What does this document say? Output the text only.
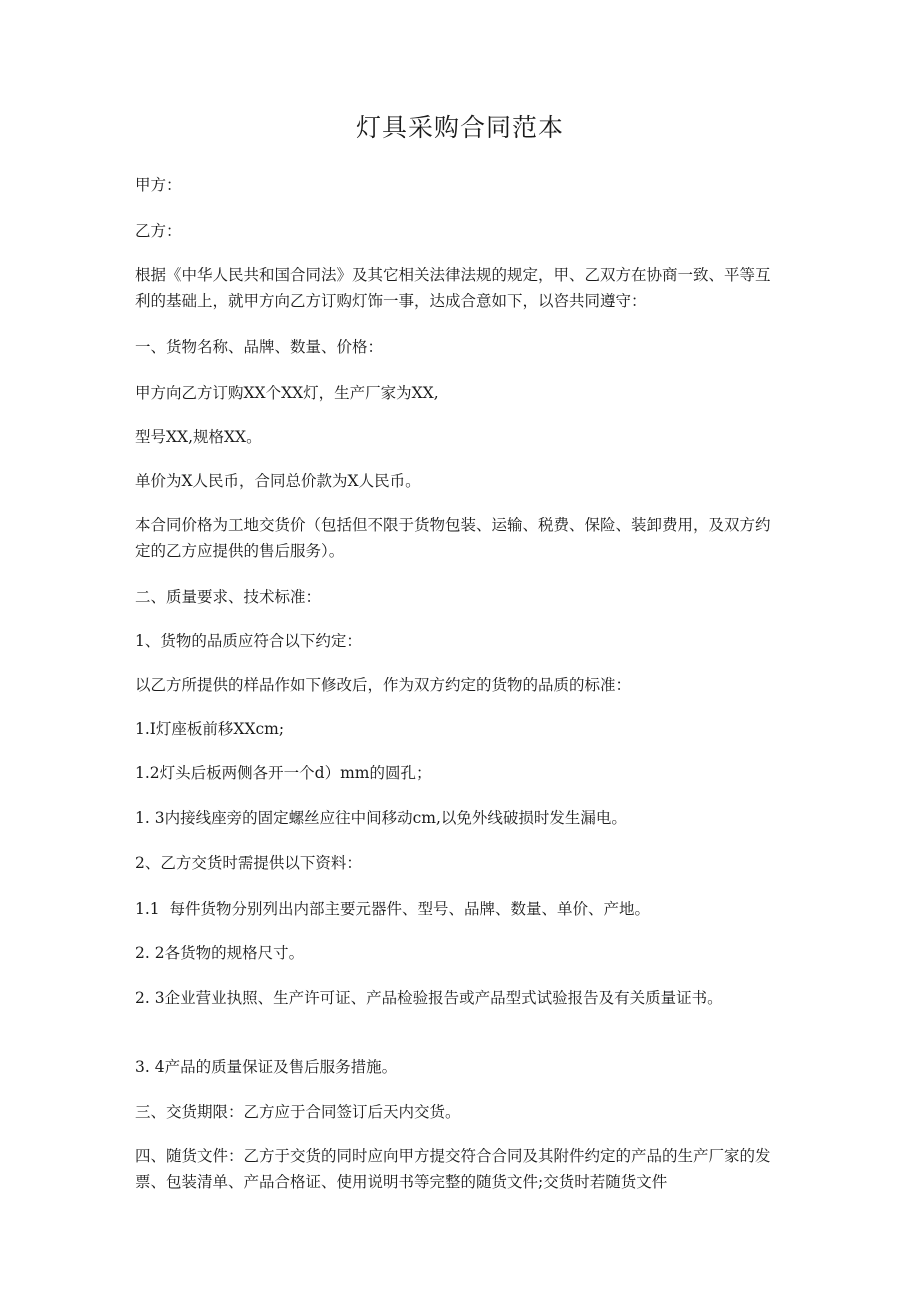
灯具采购合同范本

甲方：

乙方：

根据《中华人民共和国合同法》及其它相关法律法规的规定，甲、乙双方在协商一致、平等互利的基础上，就甲方向乙方订购灯饰一事，达成合意如下，以咨共同遵守：

一、货物名称、品牌、数量、价格：

甲方向乙方订购XX个XX灯，生产厂家为XX,

型号XX,规格XX。

单价为X人民币，合同总价款为X人民币。

本合同价格为工地交货价（包括但不限于货物包装、运输、税费、保险、装卸费用，及双方约定的乙方应提供的售后服务）。

二、质量要求、技术标准：

1、货物的品质应符合以下约定：

以乙方所提供的样品作如下修改后，作为双方约定的货物的品质的标准：

1.I灯座板前移XXcm;

1.2灯头后板两侧各开一个d）mm的圆孔；

1. 3内接线座旁的固定螺丝应往中间移动cm,以免外线破损时发生漏电。

2、乙方交货时需提供以下资料：

1.1  每件货物分别列出内部主要元器件、型号、品牌、数量、单价、产地。

2. 2各货物的规格尺寸。

2. 3企业营业执照、生产许可证、产品检验报告或产品型式试验报告及有关质量证书。

3. 4产品的质量保证及售后服务措施。

三、交货期限：乙方应于合同签订后天内交货。

四、随货文件：乙方于交货的同时应向甲方提交符合合同及其附件约定的产品的生产厂家的发票、包装清单、产品合格证、使用说明书等完整的随货文件;交货时若随货文件
